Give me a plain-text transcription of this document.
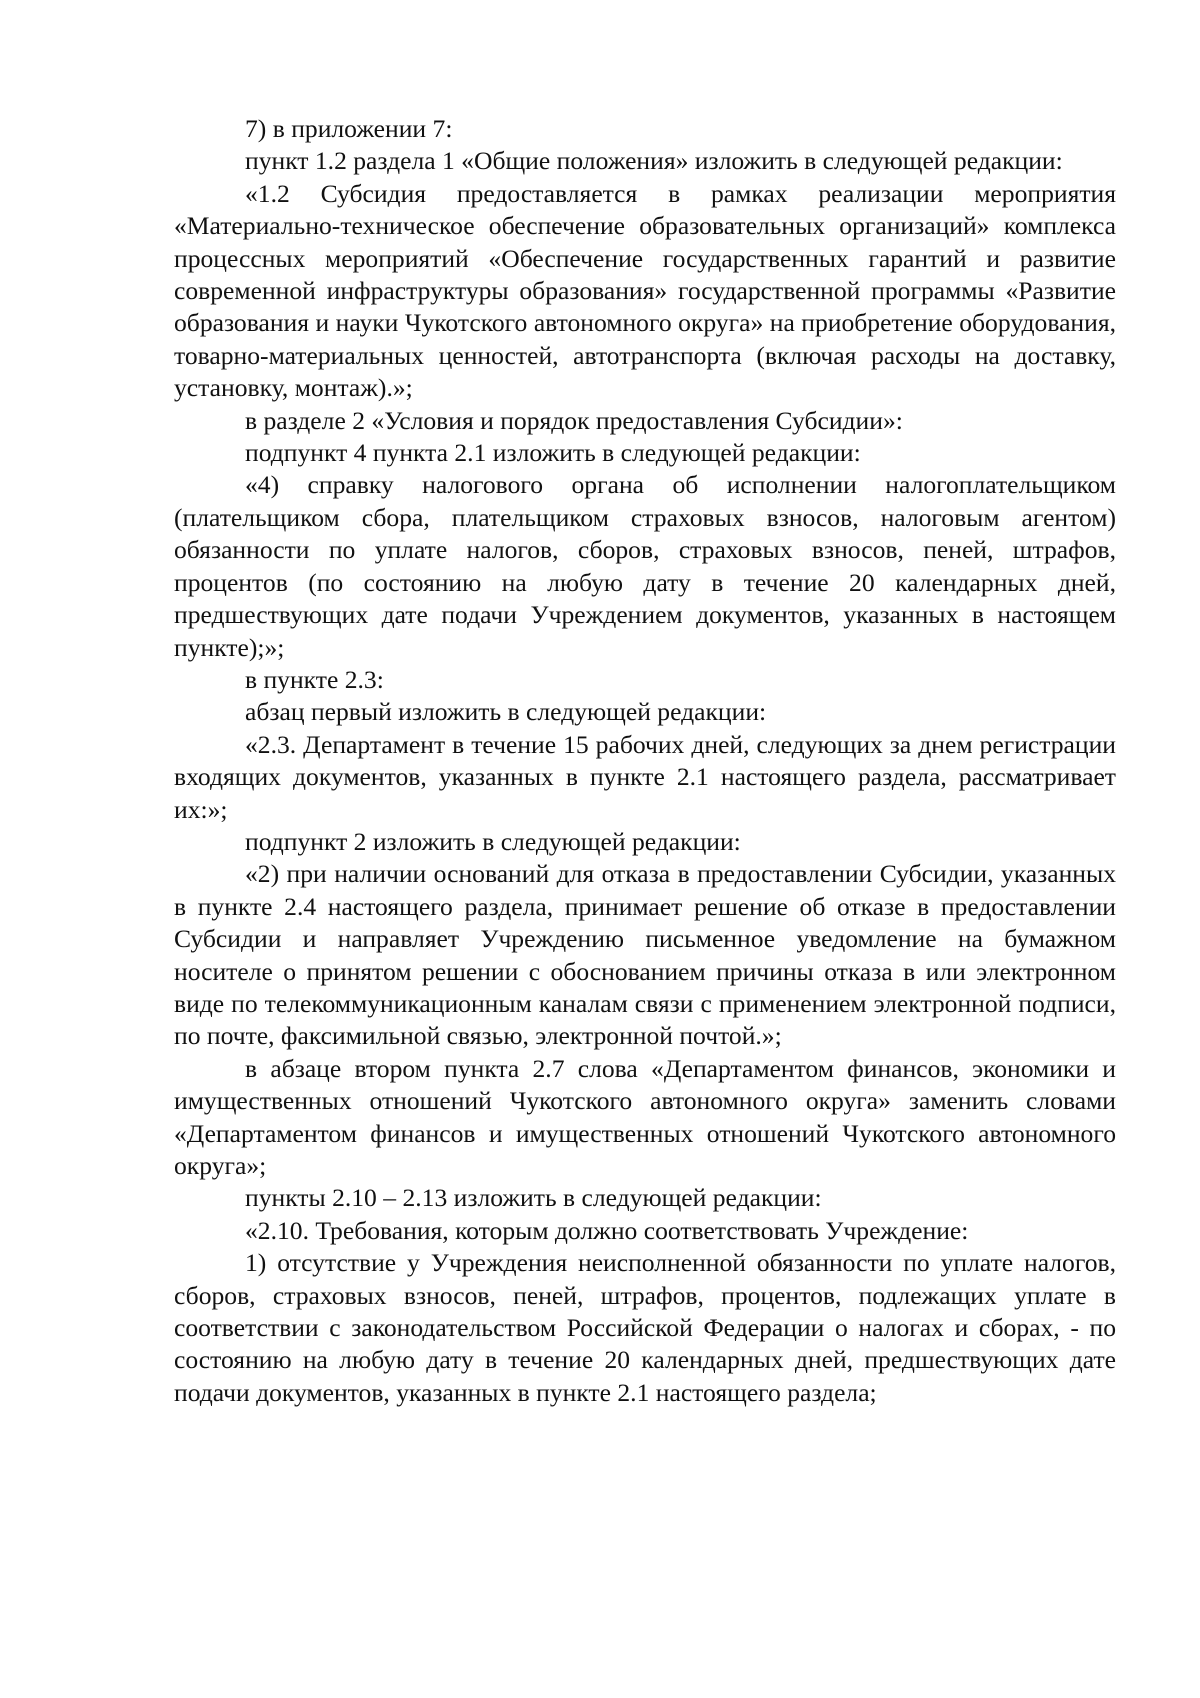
7) в приложении 7:

пункт 1.2 раздела 1 «Общие положения» изложить в следующей редакции:

«1.2 Субсидия предоставляется в рамках реализации мероприятия «Материально-техническое обеспечение образовательных организаций» комплекса процессных мероприятий «Обеспечение государственных гарантий и развитие современной инфраструктуры образования» государственной программы «Развитие образования и науки Чукотского автономного округа» на приобретение оборудования, товарно-материальных ценностей, автотранспорта (включая расходы на доставку, установку, монтаж).»;

в разделе 2 «Условия и порядок предоставления Субсидии»:

подпункт 4 пункта 2.1 изложить в следующей редакции:

«4) справку налогового органа об исполнении налогоплательщиком (плательщиком сбора, плательщиком страховых взносов, налоговым агентом) обязанности по уплате налогов, сборов, страховых взносов, пеней, штрафов, процентов (по состоянию на любую дату в течение 20 календарных дней, предшествующих дате подачи Учреждением документов, указанных в настоящем пункте);»;

в пункте 2.3:

абзац первый изложить в следующей редакции:

«2.3. Департамент в течение 15 рабочих дней, следующих за днем регистрации входящих документов, указанных в пункте 2.1 настоящего раздела, рассматривает их:»;

подпункт 2 изложить в следующей редакции:

«2) при наличии оснований для отказа в предоставлении Субсидии, указанных в пункте 2.4 настоящего раздела, принимает решение об отказе в предоставлении Субсидии и направляет Учреждению письменное уведомление на бумажном носителе о принятом решении с обоснованием причины отказа в или электронном виде по телекоммуникационным каналам связи с применением электронной подписи, по почте, факсимильной связью, электронной почтой.»;

в абзаце втором пункта 2.7 слова «Департаментом финансов, экономики и имущественных отношений Чукотского автономного округа» заменить словами «Департаментом финансов и имущественных отношений Чукотского автономного округа»;

пункты 2.10 – 2.13 изложить в следующей редакции:

«2.10. Требования, которым должно соответствовать Учреждение:

1) отсутствие у Учреждения неисполненной обязанности по уплате налогов, сборов, страховых взносов, пеней, штрафов, процентов, подлежащих уплате в соответствии с законодательством Российской Федерации о налогах и сборах, - по состоянию на любую дату в течение 20 календарных дней, предшествующих дате подачи документов, указанных в пункте 2.1 настоящего раздела;
